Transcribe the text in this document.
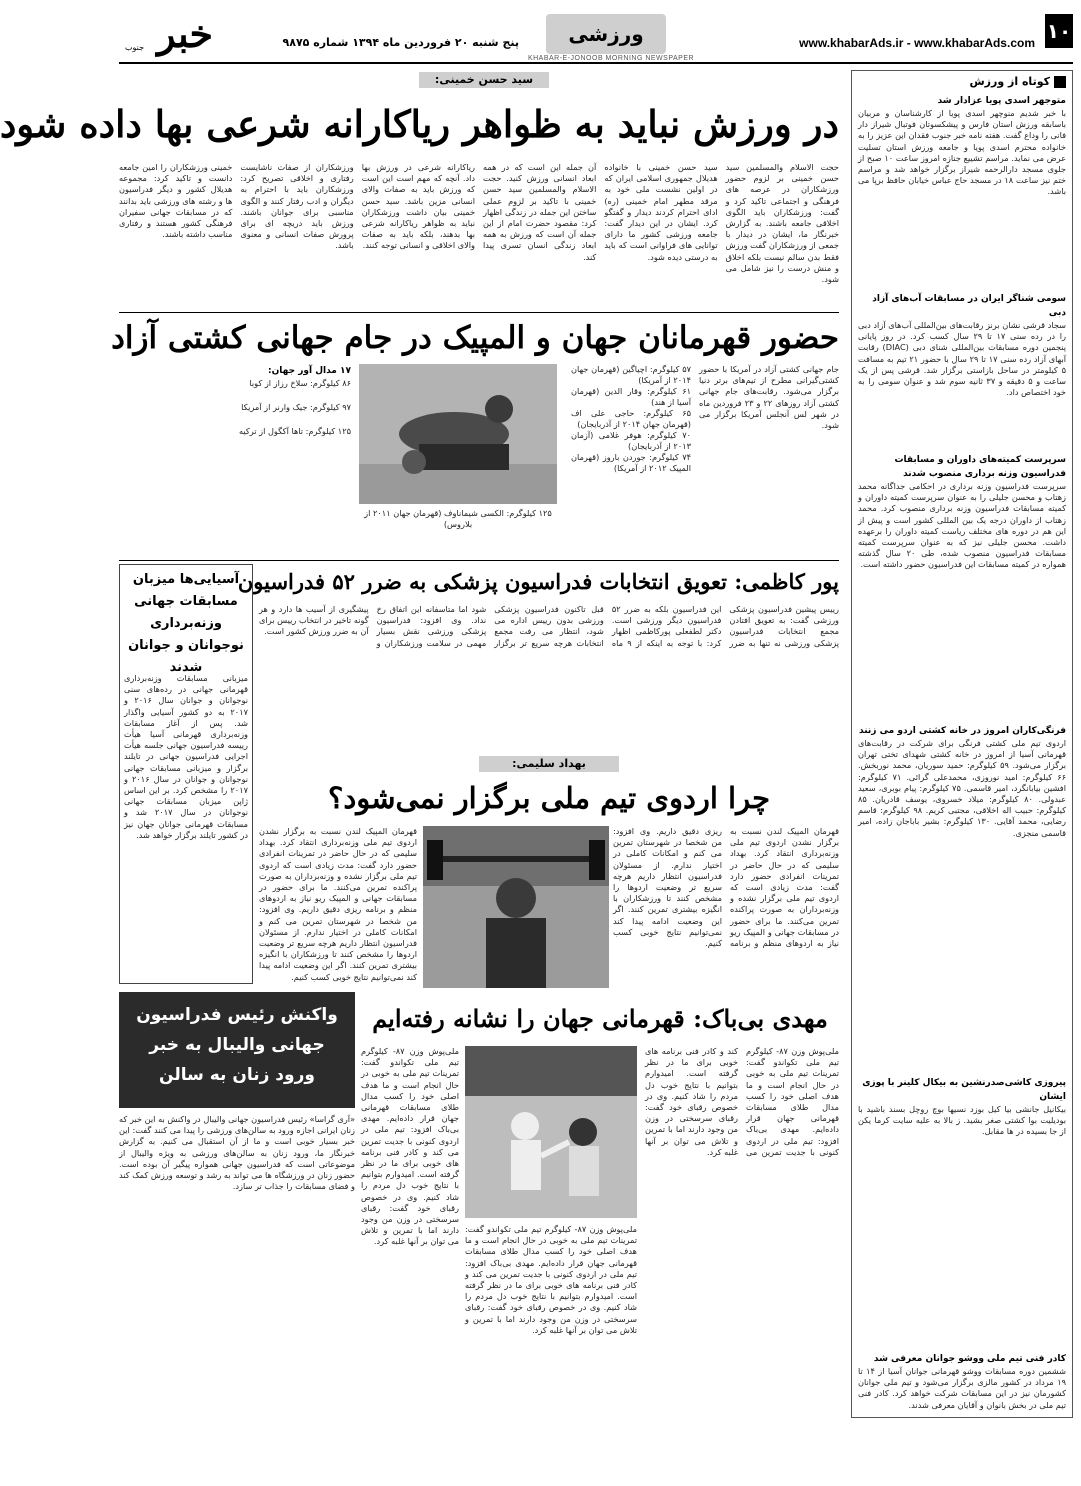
۱۰
www.khabarAds.ir - www.khabarAds.com
ورزشی
KHABAR-E-JONOOB MORNING NEWSPAPER
پنج شنبه ۲۰ فروردین ماه ۱۳۹۴ شماره ۹۸۷۵
خبر
جنوب
کوتاه از ورزش
متوجهر اسدی پویا عزادار شد
با خبر شدیم منوچهر اسدی پویا از کارشناسان و مربیان باسابقه ورزش استان فارس و پیشکسوتان فوتبال شیراز دار فانی را وداع گفت. هفته نامه خبر جنوب فقدان این عزیز را به خانواده محترم اسدی پویا و جامعه ورزش استان تسلیت عرض می نماید. مراسم تشییع جنازه امروز ساعت ۱۰ صبح از جلوی مسجد دارالرحمه شیراز برگزار خواهد شد و مراسم ختم نیز ساعت ۱۸ در مسجد حاج عباس خیابان حافظ برپا می باشد.
سومی شناگر ایران در مسابقات آب‌های آزاد دبی
سجاد قرشی نشان برنز رقابت‌های بین‌المللی آب‌های آزاد دبی را در رده سنی ۱۷ تا ۲۹ سال کسب کرد. در روز پایانی پنجمین دوره مسابقات بین‌المللی شنای دبی (DIAC) رقابت آبهای آزاد رده سنی ۱۷ تا ۲۹ سال با حضور ۲۱ تیم به مسافت ۵ کیلومتر در ساحل بازاستی برگزار شد. قرشی پس از یک ساعت و ۵ دقیقه و ۳۷ ثانیه سوم شد و عنوان سومی را به خود اختصاص داد.
سرپرست کمیته‌های داوران و مسابقات فدراسیون وزنه برداری منصوب شدند
سرپرست فدراسیون وزنه برداری در احکامی جداگانه محمد زهتاب و محسن جلیلی را به عنوان سرپرست کمیته داوران و کمیته مسابقات فدراسیون وزنه برداری منصوب کرد. محمد زهتاب از داوران درجه یک بین المللی کشور است و پیش از این هم در دوره های مختلف ریاست کمیته داوران را برعهده داشت. محسن جلیلی نیز که به عنوان سرپرست کمیته مسابقات فدراسیون منصوب شده، طی ۲۰ سال گذشته همواره در کمیته مسابقات این فدراسیون حضور داشته است.
فرنگی‌کاران امروز در خانه کشتی اردو می زنند
اردوی تیم ملی کشتی فرنگی برای شرکت در رقابت‌های قهرمانی آسیا از امروز در خانه کشتی شهدای تختی تهران برگزار می‌شود. ۵۹ کیلوگرم: حمید سوریان، محمد نوربخش. ۶۶ کیلوگرم: امید نوروزی، محمدعلی گرائی. ۷۱ کیلوگرم: افشین بیابانگرد، امیر قاسمی. ۷۵ کیلوگرم: پیام بوبری، سعید عبدولی. ۸۰ کیلوگرم: میلاد خسروی، یوسف قادریان. ۸۵ کیلوگرم: حبیب اله اخلاقی، مجتبی کریم. ۹۸ کیلوگرم: قاسم رضایی، محمد آقایی. ۱۳۰ کیلوگرم: بشیر باباجان زاده، امیر قاسمی منجزی.
پیروزی کاشی‌صدرنشین به بیکال کلینر با پوزی ایشان
بیکانیل جانشی بیا کیل بوزد نسیها بوچ روچل بسند باشید با بودیلیت بوا کشتی صغر بشید. ز بالا به علیه سایت کرما یکن از جا بسیده در ها مقابل.
کادر فنی تیم ملی ووشو جوانان معرفی شد
ششمین دوره مسابقات ووشو قهرمانی جوانان آسیا از ۱۴ تا ۱۹ مرداد در کشور مالزی برگزار می‌شود و تیم ملی جوانان کشورمان نیز در این مسابقات شرکت خواهد کرد. کادر فنی تیم ملی در بخش بانوان و آقایان معرفی شدند.
سید حسن خمینی:
در ورزش نباید به ظواهر ریاکارانه شرعی بها داده شود
حجت الاسلام والمسلمین سید حسن خمینی بر لزوم حضور ورزشکاران در عرصه های فرهنگی و اجتماعی تاکید کرد و گفت: ورزشکاران باید الگوی اخلاقی جامعه باشند. به گزارش خبرنگار ما، ایشان در دیدار با جمعی از ورزشکاران گفت ورزش فقط بدن سالم نیست بلکه اخلاق و منش درست را نیز شامل می شود.
سید حسن خمینی با خانواده هدیلال جمهوری اسلامی ایران که در اولین نشست ملی خود به مرقد مطهر امام خمینی (ره) ادای احترام کردند دیدار و گفتگو کرد. ایشان در این دیدار گفت: جامعه ورزشی کشور ما دارای توانایی های فراوانی است که باید به درستی دیده شود.
آن جمله این است که در همه ابعاد انسانی ورزش کنید. حجت الاسلام والمسلمین سید حسن خمینی با تاکید بر لزوم عملی ساختن این جمله در زندگی اظهار کرد: مقصود حضرت امام از این جمله آن است که ورزش به همه ابعاد زندگی انسان تسری پیدا کند.
ریاکارانه شرعی در ورزش بها داد. آنچه که مهم است این است که ورزش باید به صفات والای انسانی مزین باشد. سید حسن خمینی بیان داشت ورزشکاران نباید به ظواهر ریاکارانه شرعی بها بدهند، بلکه باید به صفات والای اخلاقی و انسانی توجه کنند.
ورزشکاران از صفات ناشایست رفتاری و اخلاقی تصریح کرد: ورزشکاران باید با احترام به دیگران و ادب رفتار کنند و الگوی مناسبی برای جوانان باشند. ورزش باید دریچه ای برای پرورش صفات انسانی و معنوی باشد.
خمینی ورزشکاران را امین جامعه دانست و تاکید کرد: مجموعه هدیلال کشور و دیگر فدراسیون ها و رشته های ورزشی باید بدانند که در مسابقات جهانی سفیران فرهنگی کشور هستند و رفتاری مناسب داشته باشند.
حضور قهرمانان جهان و المپیک در جام جهانی کشتی آزاد
جام جهانی کشتی آزاد در آمریکا با حضور کشتی‌گیرانی مطرح از تیم‌های برتر دنیا برگزار می‌شود. رقابت‌های جام جهانی کشتی آزاد روزهای ۲۲ و ۲۳ فروردین ماه در شهر لس آنجلس آمریکا برگزار می شود.
۵۷ کیلوگرم: اچیاگین (قهرمان جهان ۲۰۱۴ از آمریکا)
۶۱ کیلوگرم: وقار الدین (قهرمان آسیا از هند)
۶۵ کیلوگرم: حاجی علی اف (قهرمان جهان ۲۰۱۴ از آذربایجان)
۷۰ کیلوگرم: هوفر غلامی (آزمان ۲۰۱۳ از آذربایجان)
۷۴ کیلوگرم: جوردن باروز (قهرمان المپیک ۲۰۱۲ از آمریکا)
۱۲۵ کیلوگرم: الکسی شیماناوف (قهرمان جهان ۲۰۱۱ از بلاروس)
۱۷ مدال آور جهان:
۸۶ کیلوگرم: سلاخ رزاز از کوبا
۹۷ کیلوگرم: جیک وارنر از آمریکا
۱۲۵ کیلوگرم: تاها آکگول از ترکیه
پور کاظمی: تعویق انتخابات فدراسیون پزشکی به ضرر ۵۲ فدراسیون
رییس پیشین فدراسیون پزشکی ورزشی گفت: به تعویق افتادن مجمع انتخابات فدراسیون پزشکی ورزشی نه تنها به ضرر این فدراسیون بلکه به ضرر ۵۲ فدراسیون دیگر ورزشی است. دکتر لطفعلی پورکاظمی اظهار کرد: با توجه به اینکه از ۹ ماه قبل تاکنون فدراسیون پزشکی ورزشی بدون رییس اداره می شود، انتظار می رفت مجمع انتخابات هرچه سریع تر برگزار شود اما متاسفانه این اتفاق رخ نداد. وی افزود: فدراسیون پزشکی ورزشی نقش بسیار مهمی در سلامت ورزشکاران و پیشگیری از آسیب ها دارد و هر گونه تاخیر در انتخاب رییس برای آن به ضرر ورزش کشور است.
آسیایی‌ها میزبان مسابقات جهانی وزنه‌برداری نوجوانان و جوانان شدند
میزبانی مسابقات وزنه‌برداری قهرمانی جهانی در رده‌های سنی نوجوانان و جوانان سال ۲۰۱۶ و ۲۰۱۷ به دو کشور آسیایی واگذار شد. پس از آغاز مسابقات وزنه‌برداری قهرمانی آسیا هیأت رییسه فدراسیون جهانی جلسه هیأت اجرایی فدراسیون جهانی در تایلند برگزار و میزبانی مسابقات جهانی نوجوانان و جوانان در سال ۲۰۱۶ و ۲۰۱۷ را مشخص کرد. بر این اساس ژاپن میزبان مسابقات جهانی نوجوانان در سال ۲۰۱۷ شد و مسابقات قهرمانی جوانان جهان نیز در کشور تایلند برگزار خواهد شد.
بهداد سلیمی:
چرا اردوی تیم ملی برگزار نمی‌شود؟
قهرمان المپیک لندن نسبت به برگزار نشدن اردوی تیم ملی وزنه‌برداری انتقاد کرد. بهداد سلیمی که در حال حاضر در تمرینات انفرادی حضور دارد گفت: مدت زیادی است که اردوی تیم ملی برگزار نشده و وزنه‌برداران به صورت پراکنده تمرین می‌کنند. ما برای حضور در مسابقات جهانی و المپیک ریو نیاز به اردوهای منظم و برنامه ریزی دقیق داریم. وی افزود: من شخصا در شهرستان تمرین می کنم و امکانات کاملی در اختیار ندارم. از مسئولان فدراسیون انتظار داریم هرچه سریع تر وضعیت اردوها را مشخص کنند تا ورزشکاران با انگیزه بیشتری تمرین کنند. اگر این وضعیت ادامه پیدا کند نمی‌توانیم نتایج خوبی کسب کنیم.
قهرمان المپیک لندن نسبت به برگزار نشدن اردوی تیم ملی وزنه‌برداری انتقاد کرد. بهداد سلیمی که در حال حاضر در تمرینات انفرادی حضور دارد گفت: مدت زیادی است که اردوی تیم ملی برگزار نشده و وزنه‌برداران به صورت پراکنده تمرین می‌کنند. ما برای حضور در مسابقات جهانی و المپیک ریو نیاز به اردوهای منظم و برنامه ریزی دقیق داریم. وی افزود: من شخصا در شهرستان تمرین می کنم و امکانات کاملی در اختیار ندارم. از مسئولان فدراسیون انتظار داریم هرچه سریع تر وضعیت اردوها را مشخص کنند تا ورزشکاران با انگیزه بیشتری تمرین کنند. اگر این وضعیت ادامه پیدا کند نمی‌توانیم نتایج خوبی کسب کنیم.
واکنش رئیس فدراسیون جهانی والیبال به خبر ورود زنان به سالن
«آری گراسا» رئیس فدراسیون جهانی والیبال در واکنش به این خبر که زنان ایرانی اجازه ورود به سالن‌های ورزشی را پیدا می کنند گفت: این خبر بسیار خوبی است و ما از آن استقبال می کنیم. به گزارش خبرنگار ما، ورود زنان به سالن‌های ورزشی به ویژه والیبال از موضوعاتی است که فدراسیون جهانی همواره پیگیر آن بوده است. حضور زنان در ورزشگاه ها می تواند به رشد و توسعه ورزش کمک کند و فضای مسابقات را جذاب تر سازد.
مهدی بی‌باک: قهرمانی جهان را نشانه رفته‌ایم
ملی‌پوش وزن ۸۷- کیلوگرم تیم ملی تکواندو گفت: تمرینات تیم ملی به خوبی در حال انجام است و ما هدف اصلی خود را کسب مدال طلای مسابقات قهرمانی جهان قرار داده‌ایم. مهدی بی‌باک افزود: تیم ملی در اردوی کنونی با جدیت تمرین می کند و کادر فنی برنامه های خوبی برای ما در نظر گرفته است. امیدوارم بتوانیم با نتایج خوب دل مردم را شاد کنیم. وی در خصوص رقبای خود گفت: رقبای سرسختی در وزن من وجود دارند اما با تمرین و تلاش می توان بر آنها غلبه کرد.
ملی‌پوش وزن ۸۷- کیلوگرم تیم ملی تکواندو گفت: تمرینات تیم ملی به خوبی در حال انجام است و ما هدف اصلی خود را کسب مدال طلای مسابقات قهرمانی جهان قرار داده‌ایم. مهدی بی‌باک افزود: تیم ملی در اردوی کنونی با جدیت تمرین می کند و کادر فنی برنامه های خوبی برای ما در نظر گرفته است. امیدوارم بتوانیم با نتایج خوب دل مردم را شاد کنیم. وی در خصوص رقبای خود گفت: رقبای سرسختی در وزن من وجود دارند اما با تمرین و تلاش می توان بر آنها غلبه کرد.
ملی‌پوش وزن ۸۷- کیلوگرم تیم ملی تکواندو گفت: تمرینات تیم ملی به خوبی در حال انجام است و ما هدف اصلی خود را کسب مدال طلای مسابقات قهرمانی جهان قرار داده‌ایم. مهدی بی‌باک افزود: تیم ملی در اردوی کنونی با جدیت تمرین می کند و کادر فنی برنامه های خوبی برای ما در نظر گرفته است. امیدوارم بتوانیم با نتایج خوب دل مردم را شاد کنیم. وی در خصوص رقبای خود گفت: رقبای سرسختی در وزن من وجود دارند اما با تمرین و تلاش می توان بر آنها غلبه کرد.
